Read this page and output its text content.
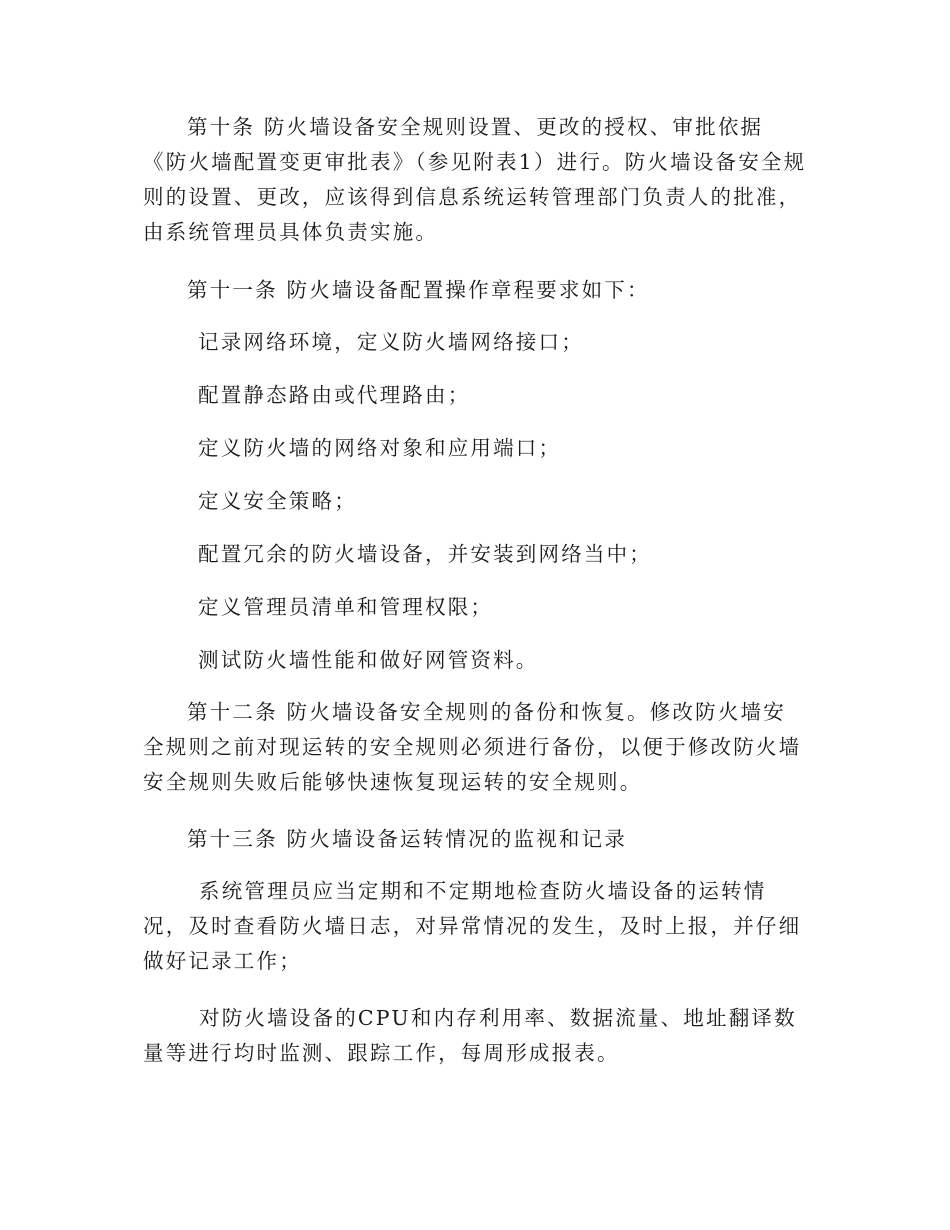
第十条 防火墙设备安全规则设置、更改的授权、审批依据《防火墙配置变更审批表》（参见附表1）进行。防火墙设备安全规则的设置、更改，应该得到信息系统运转管理部门负责人的批准，由系统管理员具体负责实施。

第十一条 防火墙设备配置操作章程要求如下：

记录网络环境，定义防火墙网络接口；

配置静态路由或代理路由；

定义防火墙的网络对象和应用端口；

定义安全策略；

配置冗余的防火墙设备，并安装到网络当中；

定义管理员清单和管理权限；

测试防火墙性能和做好网管资料。

第十二条 防火墙设备安全规则的备份和恢复。修改防火墙安全规则之前对现运转的安全规则必须进行备份，以便于修改防火墙安全规则失败后能够快速恢复现运转的安全规则。

第十三条 防火墙设备运转情况的监视和记录

系统管理员应当定期和不定期地检查防火墙设备的运转情况，及时查看防火墙日志，对异常情况的发生，及时上报，并仔细做好记录工作；

对防火墙设备的CPU和内存利用率、数据流量、地址翻译数量等进行均时监测、跟踪工作，每周形成报表。
